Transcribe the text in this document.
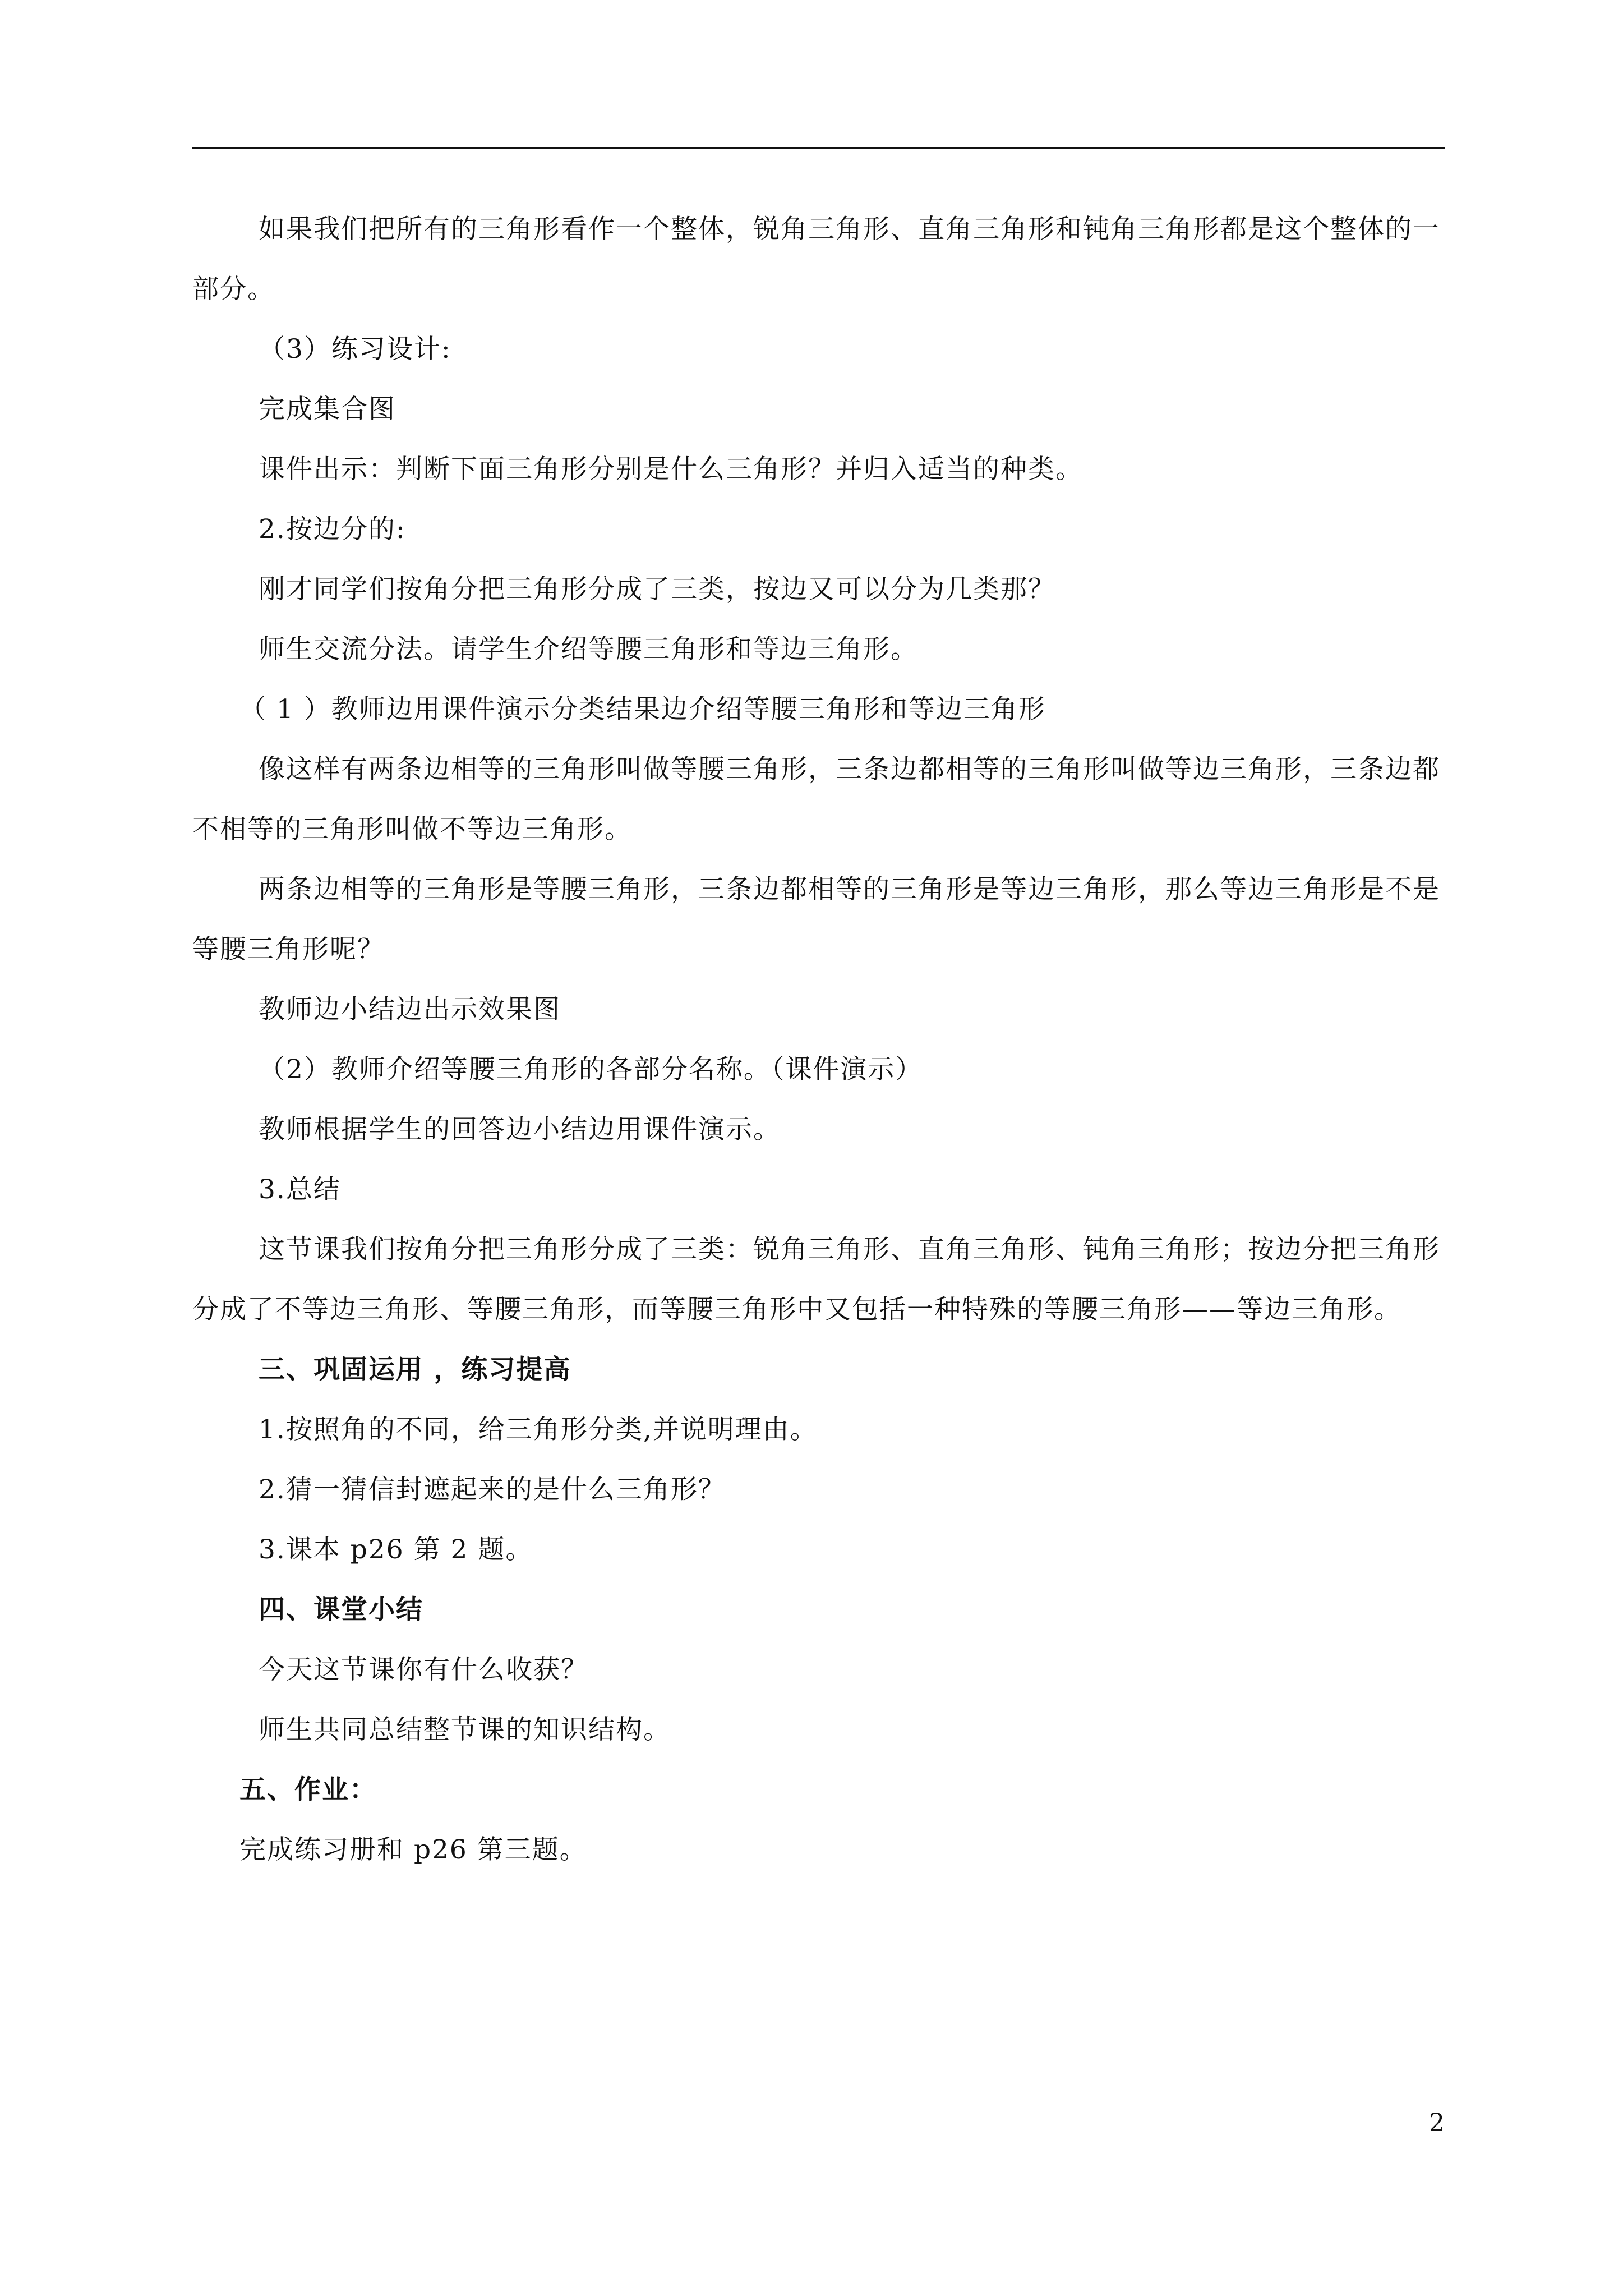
如果我们把所有的三角形看作一个整体，锐角三角形、直角三角形和钝角三角形都是这个整体的一部分。

（3）练习设计:

完成集合图

课件出示：判断下面三角形分别是什么三角形？并归入适当的种类。

2.按边分的:

刚才同学们按角分把三角形分成了三类，按边又可以分为几类那？

师生交流分法。请学生介绍等腰三角形和等边三角形。

（ 1 ）教师边用课件演示分类结果边介绍等腰三角形和等边三角形

像这样有两条边相等的三角形叫做等腰三角形，三条边都相等的三角形叫做等边三角形，三条边都不相等的三角形叫做不等边三角形。

两条边相等的三角形是等腰三角形，三条边都相等的三角形是等边三角形，那么等边三角形是不是等腰三角形呢？

教师边小结边出示效果图

（2）教师介绍等腰三角形的各部分名称。（课件演示）

教师根据学生的回答边小结边用课件演示。

3.总结

这节课我们按角分把三角形分成了三类：锐角三角形、直角三角形、钝角三角形；按边分把三角形分成了不等边三角形、等腰三角形，而等腰三角形中又包括一种特殊的等腰三角形——等边三角形。

三、巩固运用 ，练习提高

1.按照角的不同，给三角形分类,并说明理由。

2.猜一猜信封遮起来的是什么三角形？

3.课本 p26 第 2 题。

四、课堂小结

今天这节课你有什么收获？

师生共同总结整节课的知识结构。

五、作业：

完成练习册和 p26 第三题。

2
